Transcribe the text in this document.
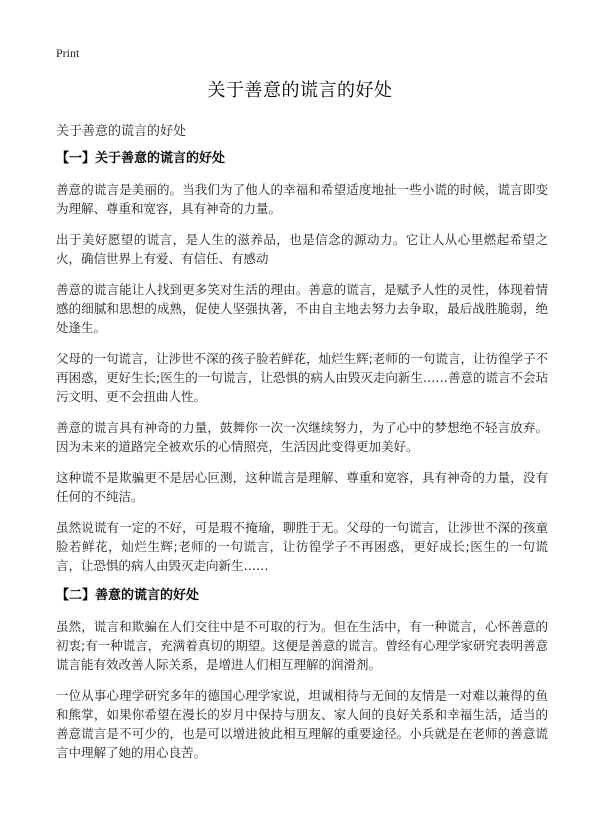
Print
关于善意的谎言的好处
关于善意的谎言的好处
【一】关于善意的谎言的好处

善意的谎言是美丽的。当我们为了他人的幸福和希望适度地扯一些小谎的时候，谎言即变为理解、尊重和宽容，具有神奇的力量。

出于美好愿望的谎言，是人生的滋养品，也是信念的源动力。它让人从心里燃起希望之火，确信世界上有爱、有信任、有感动

善意的谎言能让人找到更多笑对生活的理由。善意的谎言，是赋予人性的灵性，体现着情感的细腻和思想的成熟，促使人坚强执著，不由自主地去努力去争取，最后战胜脆弱，绝处逢生。

父母的一句谎言，让涉世不深的孩子脸若鲜花，灿烂生辉;老师的一句谎言，让彷徨学子不再困惑，更好生长;医生的一句谎言，让恐惧的病人由毁灭走向新生……善意的谎言不会玷污文明、更不会扭曲人性。

善意的谎言具有神奇的力量，鼓舞你一次一次继续努力，为了心中的梦想绝不轻言放弃。因为未来的道路完全被欢乐的心情照亮，生活因此变得更加美好。

这种谎不是欺骗更不是居心叵测，这种谎言是理解、尊重和宽容，具有神奇的力量，没有任何的不纯洁。

虽然说谎有一定的不好，可是瑕不掩瑜，聊胜于无。父母的一句谎言，让涉世不深的孩童脸若鲜花，灿烂生辉;老师的一句谎言，让彷徨学子不再困惑，更好成长;医生的一句谎言，让恐惧的病人由毁灭走向新生……

【二】善意的谎言的好处

虽然，谎言和欺骗在人们交往中是不可取的行为。但在生活中，有一种谎言，心怀善意的初衷;有一种谎言，充满着真切的期望。这便是善意的谎言。曾经有心理学家研究表明善意谎言能有效改善人际关系，是增进人们相互理解的润滑剂。

一位从事心理学研究多年的德国心理学家说，坦诚相待与无间的友情是一对难以兼得的鱼和熊掌，如果你希望在漫长的岁月中保持与朋友、家人间的良好关系和幸福生活，适当的善意谎言是不可少的，也是可以增进彼此相互理解的重要途径。小兵就是在老师的善意谎言中理解了她的用心良苦。
